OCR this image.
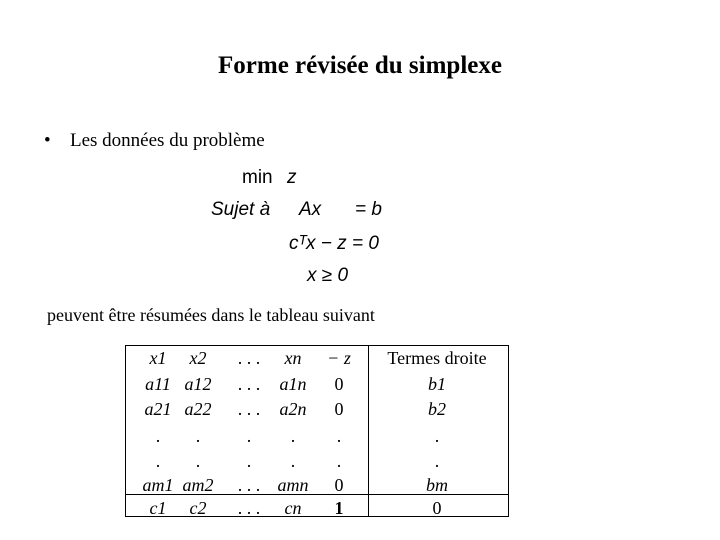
Forme révisée du simplexe
• Les données du problème
min z
Sujet à Ax = b
cᵀx − z = 0
x ≥ 0
peuvent être résumées dans le tableau suivant
x1 x2 . . . xn − z Termes droite
a11 a12 . . . a1n 0	b1
a21 a22 . . . a2n 0	b2
. .	. . .	.
. .	. . .	.
am1 am2 . . . amn 0	bm
c1 c2 . . . cn 1	0
